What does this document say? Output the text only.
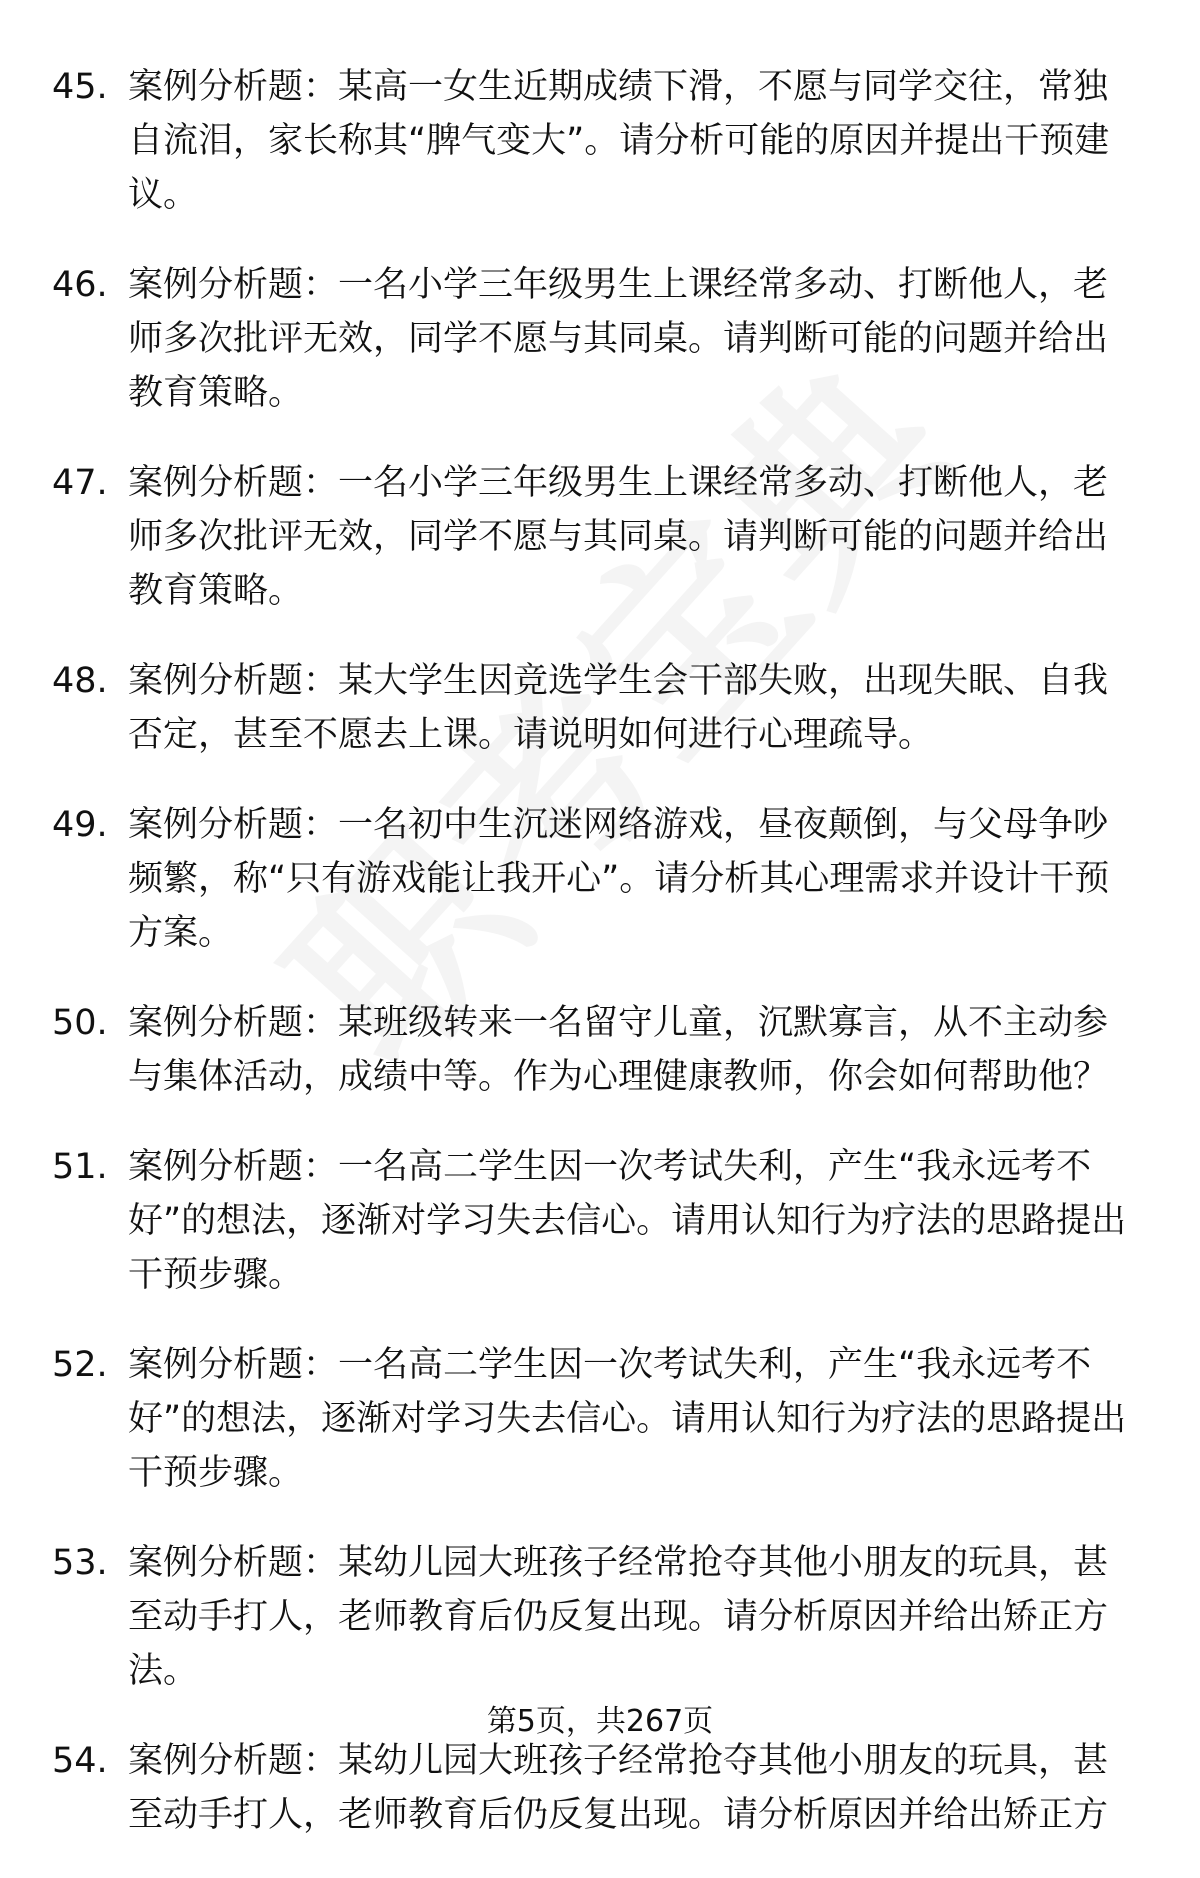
45. 案例分析题：某高一女生近期成绩下滑，不愿与同学交往，常独自流泪，家长称其“脾气变大”。请分析可能的原因并提出干预建议。
46. 案例分析题：一名小学三年级男生上课经常多动、打断他人，老师多次批评无效，同学不愿与其同桌。请判断可能的问题并给出教育策略。
47. 案例分析题：一名小学三年级男生上课经常多动、打断他人，老师多次批评无效，同学不愿与其同桌。请判断可能的问题并给出教育策略。
48. 案例分析题：某大学生因竞选学生会干部失败，出现失眠、自我否定，甚至不愿去上课。请说明如何进行心理疏导。
49. 案例分析题：一名初中生沉迷网络游戏，昼夜颠倒，与父母争吵频繁，称“只有游戏能让我开心”。请分析其心理需求并设计干预方案。
50. 案例分析题：某班级转来一名留守儿童，沉默寡言，从不主动参与集体活动，成绩中等。作为心理健康教师，你会如何帮助他？
51. 案例分析题：一名高二学生因一次考试失利，产生“我永远考不好”的想法，逐渐对学习失去信心。请用认知行为疗法的思路提出干预步骤。
52. 案例分析题：一名高二学生因一次考试失利，产生“我永远考不好”的想法，逐渐对学习失去信心。请用认知行为疗法的思路提出干预步骤。
53. 案例分析题：某幼儿园大班孩子经常抢夺其他小朋友的玩具，甚至动手打人，老师教育后仍反复出现。请分析原因并给出矫正方法。
54. 案例分析题：某幼儿园大班孩子经常抢夺其他小朋友的玩具，甚至动手打人，老师教育后仍反复出现。请分析原因并给出矫正方
第5页，共267页
